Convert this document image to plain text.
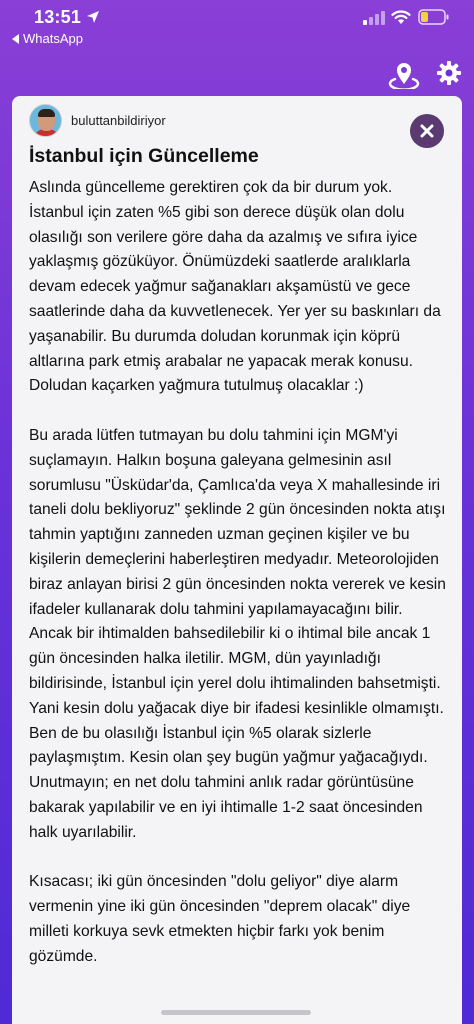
13:51
WhatsApp
buluttanbildiriyor
İstanbul için Güncelleme

Aslında güncelleme gerektiren çok da bir durum yok. İstanbul için zaten %5 gibi son derece düşük olan dolu olasılığı son verilere göre daha da azalmış ve sıfıra iyice yaklaşmış gözüküyor. Önümüzdeki saatlerde aralıklarla devam edecek yağmur sağanakları akşamüstü ve gece saatlerinde daha da kuvvetlenecek. Yer yer su baskınları da yaşanabilir. Bu durumda doludan korunmak için köprü altlarına park etmiş arabalar ne yapacak merak konusu. Doludan kaçarken yağmura tutulmuş olacaklar :)

Bu arada lütfen tutmayan bu dolu tahmini için MGM'yi suçlamayın. Halkın boşuna galeyana gelmesinin asıl sorumlusu "Üsküdar'da, Çamlıca'da veya X mahallesinde iri taneli dolu bekliyoruz" şeklinde 2 gün öncesinden nokta atışı tahmin yaptığını zanneden uzman geçinen kişiler ve bu kişilerin demeçlerini haberleştiren medyadır. Meteorolojiden biraz anlayan birisi 2 gün öncesinden nokta vererek ve kesin ifadeler kullanarak dolu tahmini yapılamayacağını bilir. Ancak bir ihtimalden bahsedilebilir ki o ihtimal bile ancak 1 gün öncesinden halka iletilir. MGM, dün yayınladığı bildirisinde, İstanbul için yerel dolu ihtimalinden bahsetmişti. Yani kesin dolu yağacak diye bir ifadesi kesinlikle olmamıştı. Ben de bu olasılığı İstanbul için %5 olarak sizlerle paylaşmıştım. Kesin olan şey bugün yağmur yağacağıydı. Unutmayın; en net dolu tahmini anlık radar görüntüsüne bakarak yapılabilir ve en iyi ihtimalle 1-2 saat öncesinden halk uyarılabilir.

Kısacası; iki gün öncesinden "dolu geliyor" diye alarm vermenin yine iki gün öncesinden "deprem olacak" diye milleti korkuya sevk etmekten hiçbir farkı yok benim gözümde.
